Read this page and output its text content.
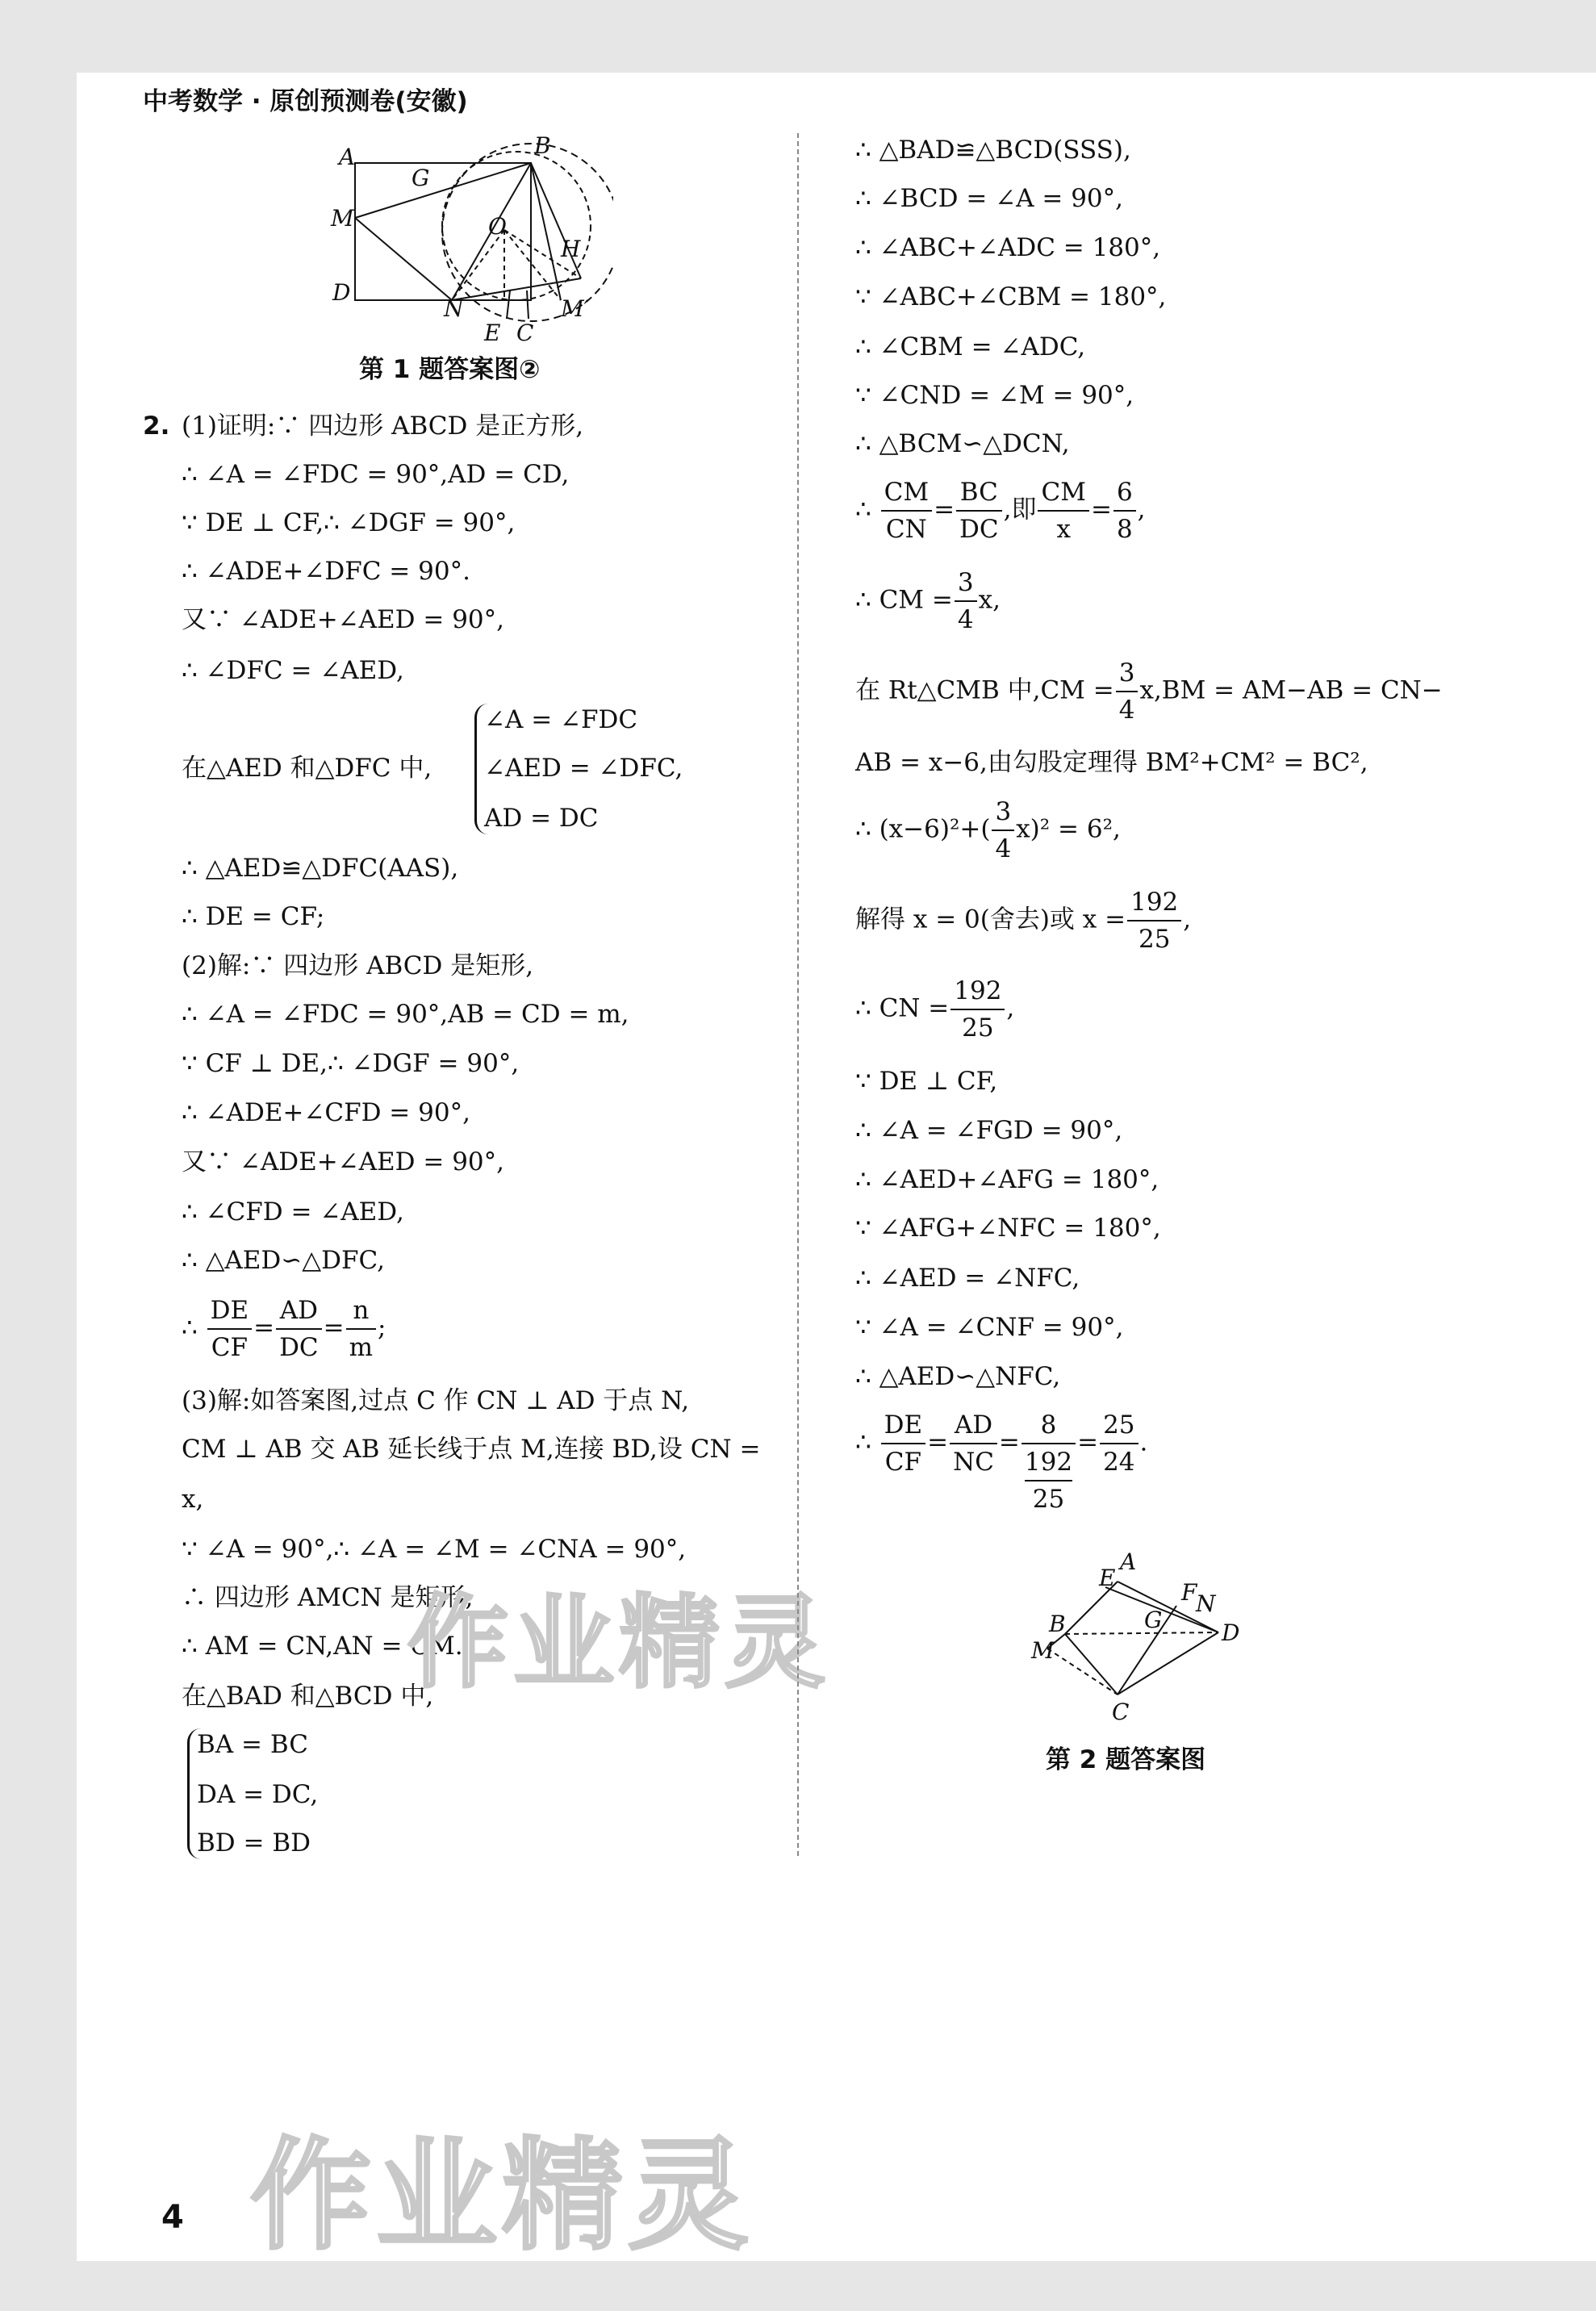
中考数学 · 原创预测卷(安徽)
A	B
G
M	O
H
D
N	M′
E C
第 1 题答案图②
2. (1)证明:∵ 四边形 ABCD 是正方形,
∴ ∠A = ∠FDC = 90°,AD = CD,
∵ DE ⊥ CF,∴ ∠DGF = 90°,
∴ ∠ADE+∠DFC = 90°.
又∵ ∠ADE+∠AED = 90°,
∴ ∠DFC = ∠AED,
在△AED 和△DFC 中,
∠A = ∠FDC
∠AED = ∠DFC,
AD = DC
∴ △AED≌△DFC(AAS),
∴ DE = CF;
(2)解:∵ 四边形 ABCD 是矩形,
∴ ∠A = ∠FDC = 90°,AB = CD = m,
∵ CF ⊥ DE,∴ ∠DGF = 90°,
∴ ∠ADE+∠CFD = 90°,
又∵ ∠ADE+∠AED = 90°,
∴ ∠CFD = ∠AED,
∴ △AED∽△DFC,
∴ $\frac{DE}{CF} = \frac{AD}{DC} = \frac{n}{m}$ ;
(3)解:如答案图,过点 C 作 CN ⊥ AD 于点 N,
CM ⊥ AB 交 AB 延长线于点 M,连接 BD,设 CN =
x,
∵ ∠A = 90°,∴ ∠A = ∠M = ∠CNA = 90°,
∴ 四边形 AMCN 是矩形,
∴ AM = CN,AN = CM.
在△BAD 和△BCD 中,
BA = BC
DA = DC,
BD = BD
作业精灵
∴ △BAD≌△BCD(SSS),
∴ ∠BCD = ∠A = 90°,
∴ ∠ABC+∠ADC = 180°,
∵ ∠ABC+∠CBM = 180°,
∴ ∠CBM = ∠ADC,
∵ ∠CND = ∠M = 90°,
∴ △BCM∽△DCN,
∴ $\frac{CM}{CN} = \frac{BC}{DC}$ ,即 $\frac{CM}{x} = \frac{6}{8}$ ,
∴ CM = $\frac{3}{4} x$,
在 Rt△CMB 中$,CM = \frac{3}{4} x,BM = AM-AB = CN-$
AB = x−6,由勾股定理得 BM²+CM² = BC²,
∴ $(x-6)^2+( \frac{3}{4} x)^2 = 6^2$,
解得 x = 0(舍去)或 $x = \frac{192}{25}$ ,
∴ CN = $\frac{192}{25}$ ,
∵ DE ⊥ CF,
∴ ∠A = ∠FGD = 90°,
∴ ∠AED+∠AFG = 180°,
∵ ∠AFG+∠NFC = 180°,
∴ ∠AED = ∠NFC,
∵ ∠A = ∠CNF = 90°,
∴ △AED∽△NFC,
∴ $\frac{DE}{CF} = \frac{AD}{NC} = 8$
192
$25 = \frac{25}{24}$ .
A
E
F
N
B	G	D
M
C
第 2 题答案图
4 作业精灵
